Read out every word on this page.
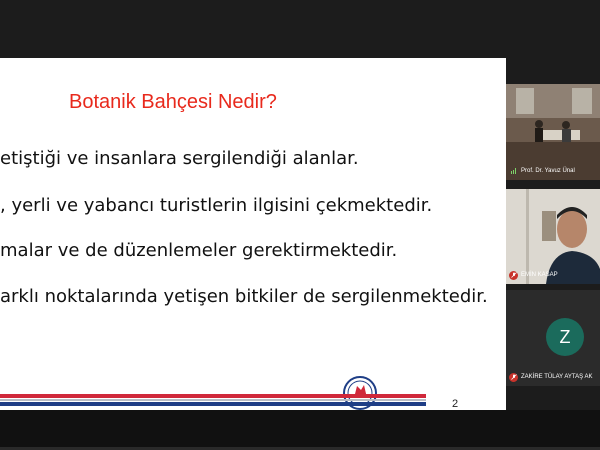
Botanik Bahçesi Nedir?
etiştiği ve insanlara sergilendiği alanlar.
, yerli ve yabancı turistlerin ilgisini çekmektedir.
malar ve de düzenlemeler gerektirmektedir.
arklı noktalarında yetişen bitkiler de sergilenmektedir.
2
Prof. Dr. Yavuz Ünal
EMİN KASAP
Z
ZAKİRE TÜLAY AYTAŞ AK
